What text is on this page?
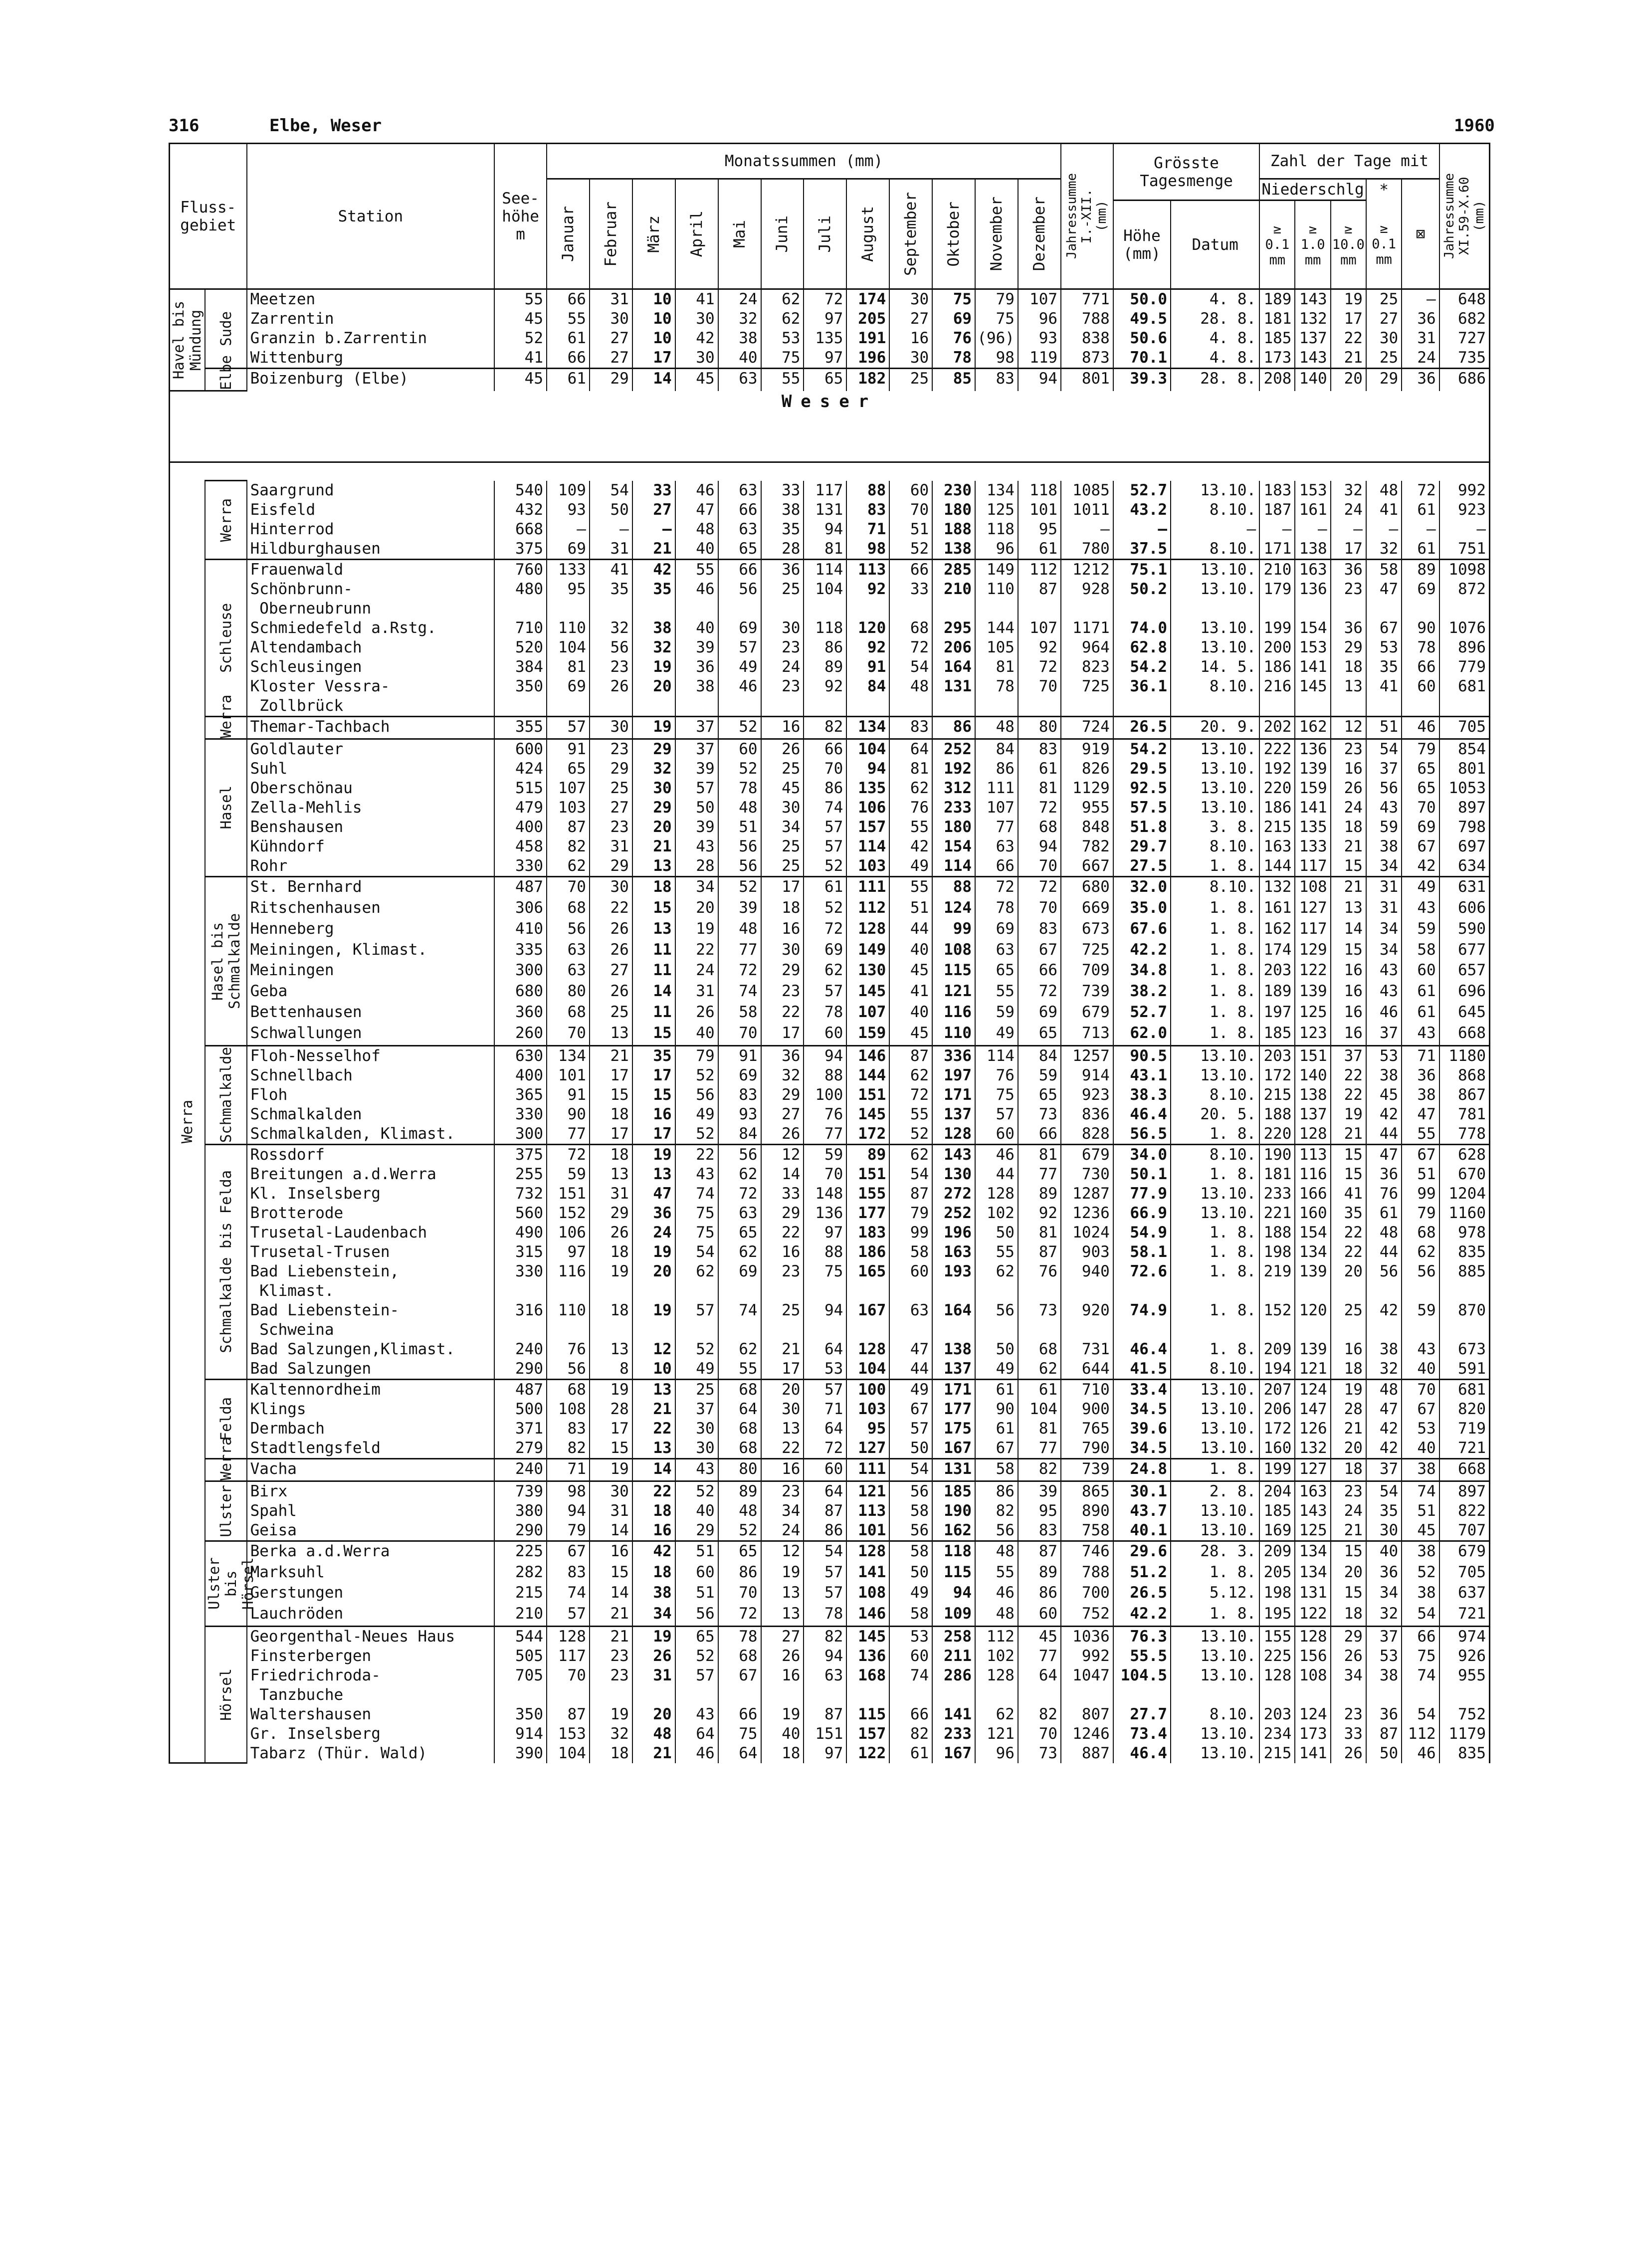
316	Elbe, Weser	1960
Fluss-
gebiet		Station	See-
höhe
m	Monatssummen (mm)												Jahressumme
I.-XII.
(mm)	Grösste
Tagesmenge		Zahl der Tage mit					Jahressumme
XI.59-X.60
(mm)

				Januar	Februar	März	April	Mai	Juni	Juli	August	September	Oktober	November	Dezember				Niederschlg			*	⊠	
																	Höhe
(mm)	Datum	≥
0.1
mm	≥
1.0
mm	≥
10.0
mm	≥
0.1
mm		

Havel bis
Mündung	Sude	Meetzen	55	66	31	10	41	24	62	72	174	30	75	79	107	771	50.0	4. 8.	189	143	19	25	–	648
		Zarrentin	45	55	30	10	30	32	62	97	205	27	69	75	96	788	49.5	28. 8.	181	132	17	27	36	682
		Granzin b.Zarrentin	52	61	27	10	42	38	53	135	191	16	76	(96)	93	838	50.6	4. 8.	185	137	22	30	31	727
		Wittenburg	41	66	27	17	30	40	75	97	196	30	78	98	119	873	70.1	4. 8.	173	143	21	25	24	735

	Elbe	Boizenburg (Elbe)	45	61	29	14	45	63	55	65	182	25	85	83	94	801	39.3	28. 8.	208	140	20	29	36	686
Weser																								

Werra	Werra	Saargrund	540	109	54	33	46	63	33	117	88	60	230	134	118	1085	52.7	13.10.	183	153	32	48	72	992
		Eisfeld	432	93	50	27	47	66	38	131	83	70	180	125	101	1011	43.2	8.10.	187	161	24	41	61	923
		Hinterrod	668	–	–	–	48	63	35	94	71	51	188	118	95	–	–	–	–	–	–	–	–	–
		Hildburghausen	375	69	31	21	40	65	28	81	98	52	138	96	61	780	37.5	8.10.	171	138	17	32	61	751

	Schleuse	Frauenwald	760	133	41	42	55	66	36	114	113	66	285	149	112	1212	75.1	13.10.	210	163	36	58	89	1098
		Schönbrunn-
Oberneubrunn	480	95	35	35	46	56	25	104	92	33	210	110	87	928	50.2	13.10.	179	136	23	47	69	872
		Schmiedefeld a.Rstg.	710	110	32	38	40	69	30	118	120	68	295	144	107	1171	74.0	13.10.	199	154	36	67	90	1076
		Altendambach	520	104	56	32	39	57	23	86	92	72	206	105	92	964	62.8	13.10.	200	153	29	53	78	896
		Schleusingen	384	81	23	19	36	49	24	89	91	54	164	81	72	823	54.2	14. 5.	186	141	18	35	66	779
		Kloster Vessra-
Zollbrück	350	69	26	20	38	46	23	92	84	48	131	78	70	725	36.1	8.10.	216	145	13	41	60	681

	Werra	Themar-Tachbach	355	57	30	19	37	52	16	82	134	83	86	48	80	724	26.5	20. 9.	202	162	12	51	46	705

	Hasel	Goldlauter	600	91	23	29	37	60	26	66	104	64	252	84	83	919	54.2	13.10.	222	136	23	54	79	854
		Suhl	424	65	29	32	39	52	25	70	94	81	192	86	61	826	29.5	13.10.	192	139	16	37	65	801
		Oberschönau	515	107	25	30	57	78	45	86	135	62	312	111	81	1129	92.5	13.10.	220	159	26	56	65	1053
		Zella-Mehlis	479	103	27	29	50	48	30	74	106	76	233	107	72	955	57.5	13.10.	186	141	24	43	70	897
		Benshausen	400	87	23	20	39	51	34	57	157	55	180	77	68	848	51.8	3. 8.	215	135	18	59	69	798
		Kühndorf	458	82	31	21	43	56	25	57	114	42	154	63	94	782	29.7	8.10.	163	133	21	38	67	697
		Rohr	330	62	29	13	28	56	25	52	103	49	114	66	70	667	27.5	1. 8.	144	117	15	34	42	634

	Hasel bis Schmalkalde	St. Bernhard	487	70	30	18	34	52	17	61	111	55	88	72	72	680	32.0	8.10.	132	108	21	31	49	631
		Ritschenhausen	306	68	22	15	20	39	18	52	112	51	124	78	70	669	35.0	1. 8.	161	127	13	31	43	606
		Henneberg	410	56	26	13	19	48	16	72	128	44	99	69	83	673	67.6	1. 8.	162	117	14	34	59	590
		Meiningen, Klimast.	335	63	26	11	22	77	30	69	149	40	108	63	67	725	42.2	1. 8.	174	129	15	34	58	677
		Meiningen	300	63	27	11	24	72	29	62	130	45	115	65	66	709	34.8	1. 8.	203	122	16	43	60	657
		Geba	680	80	26	14	31	74	23	57	145	41	121	55	72	739	38.2	1. 8.	189	139	16	43	61	696
		Bettenhausen	360	68	25	11	26	58	22	78	107	40	116	59	69	679	52.7	1. 8.	197	125	16	46	61	645
		Schwallungen	260	70	13	15	40	70	17	60	159	45	110	49	65	713	62.0	1. 8.	185	123	16	37	43	668

	Schmalkalde	Floh-Nesselhof	630	134	21	35	79	91	36	94	146	87	336	114	84	1257	90.5	13.10.	203	151	37	53	71	1180
		Schnellbach	400	101	17	17	52	69	32	88	144	62	197	76	59	914	43.1	13.10.	172	140	22	38	36	868
		Floh	365	91	15	15	56	83	29	100	151	72	171	75	65	923	38.3	8.10.	215	138	22	45	38	867
		Schmalkalden	330	90	18	16	49	93	27	76	145	55	137	57	73	836	46.4	20. 5.	188	137	19	42	47	781
		Schmalkalden, Klimast.	300	77	17	17	52	84	26	77	172	52	128	60	66	828	56.5	1. 8.	220	128	21	44	55	778

	Schmalkalde bis Felda	Rossdorf	375	72	18	19	22	56	12	59	89	62	143	46	81	679	34.0	8.10.	190	113	15	47	67	628
		Breitungen a.d.Werra	255	59	13	13	43	62	14	70	151	54	130	44	77	730	50.1	1. 8.	181	116	15	36	51	670
		Kl. Inselsberg	732	151	31	47	74	72	33	148	155	87	272	128	89	1287	77.9	13.10.	233	166	41	76	99	1204
		Brotterode	560	152	29	36	75	63	29	136	177	79	252	102	92	1236	66.9	13.10.	221	160	35	61	79	1160
		Trusetal-Laudenbach	490	106	26	24	75	65	22	97	183	99	196	50	81	1024	54.9	1. 8.	188	154	22	48	68	978
		Trusetal-Trusen	315	97	18	19	54	62	16	88	186	58	163	55	87	903	58.1	1. 8.	198	134	22	44	62	835
		Bad Liebenstein,
Klimast.	330	116	19	20	62	69	23	75	165	60	193	62	76	940	72.6	1. 8.	219	139	20	56	56	885
		Bad Liebenstein-
Schweina	316	110	18	19	57	74	25	94	167	63	164	56	73	920	74.9	1. 8.	152	120	25	42	59	870
		Bad Salzungen,Klimast.	240	76	13	12	52	62	21	64	128	47	138	50	68	731	46.4	1. 8.	209	139	16	38	43	673
		Bad Salzungen	290	56	8	10	49	55	17	53	104	44	137	49	62	644	41.5	8.10.	194	121	18	32	40	591

	Felda	Kaltennordheim	487	68	19	13	25	68	20	57	100	49	171	61	61	710	33.4	13.10.	207	124	19	48	70	681
		Klings	500	108	28	21	37	64	30	71	103	67	177	90	104	900	34.5	13.10.	206	147	28	47	67	820
		Dermbach	371	83	17	22	30	68	13	64	95	57	175	61	81	765	39.6	13.10.	172	126	21	42	53	719
		Stadtlengsfeld	279	82	15	13	30	68	22	72	127	50	167	67	77	790	34.5	13.10.	160	132	20	42	40	721

	Werra	Vacha	240	71	19	14	43	80	16	60	111	54	131	58	82	739	24.8	1. 8.	199	127	18	37	38	668

	Ulster	Birx	739	98	30	22	52	89	23	64	121	56	185	86	39	865	30.1	2. 8.	204	163	23	54	74	897
		Spahl	380	94	31	18	40	48	34	87	113	58	190	82	95	890	43.7	13.10.	185	143	24	35	51	822
		Geisa	290	79	14	16	29	52	24	86	101	56	162	56	83	758	40.1	13.10.	169	125	21	30	45	707

	Ulster bis Hörsel	Berka a.d.Werra	225	67	16	42	51	65	12	54	128	58	118	48	87	746	29.6	28. 3.	209	134	15	40	38	679
		Marksuhl	282	83	15	18	60	86	19	57	141	50	115	55	89	788	51.2	1. 8.	205	134	20	36	52	705
		Gerstungen	215	74	14	38	51	70	13	57	108	49	94	46	86	700	26.5	5.12.	198	131	15	34	38	637
		Lauchröden	210	57	21	34	56	72	13	78	146	58	109	48	60	752	42.2	1. 8.	195	122	18	32	54	721

	Hörsel	Georgenthal-Neues Haus	544	128	21	19	65	78	27	82	145	53	258	112	45	1036	76.3	13.10.	155	128	29	37	66	974
		Finsterbergen	505	117	23	26	52	68	26	94	136	60	211	102	77	992	55.5	13.10.	225	156	26	53	75	926
		Friedrichroda-
Tanzbuche	705	70	23	31	57	67	16	63	168	74	286	128	64	1047	104.5	13.10.	128	108	34	38	74	955
		Waltershausen	350	87	19	20	43	66	19	87	115	66	141	62	82	807	27.7	8.10.	203	124	23	36	54	752
		Gr. Inselsberg	914	153	32	48	64	75	40	151	157	82	233	121	70	1246	73.4	13.10.	234	173	33	87	112	1179
		Tabarz (Thür. Wald)	390	104	18	21	46	64	18	97	122	61	167	96	73	887	46.4	13.10.	215	141	26	50	46	835
